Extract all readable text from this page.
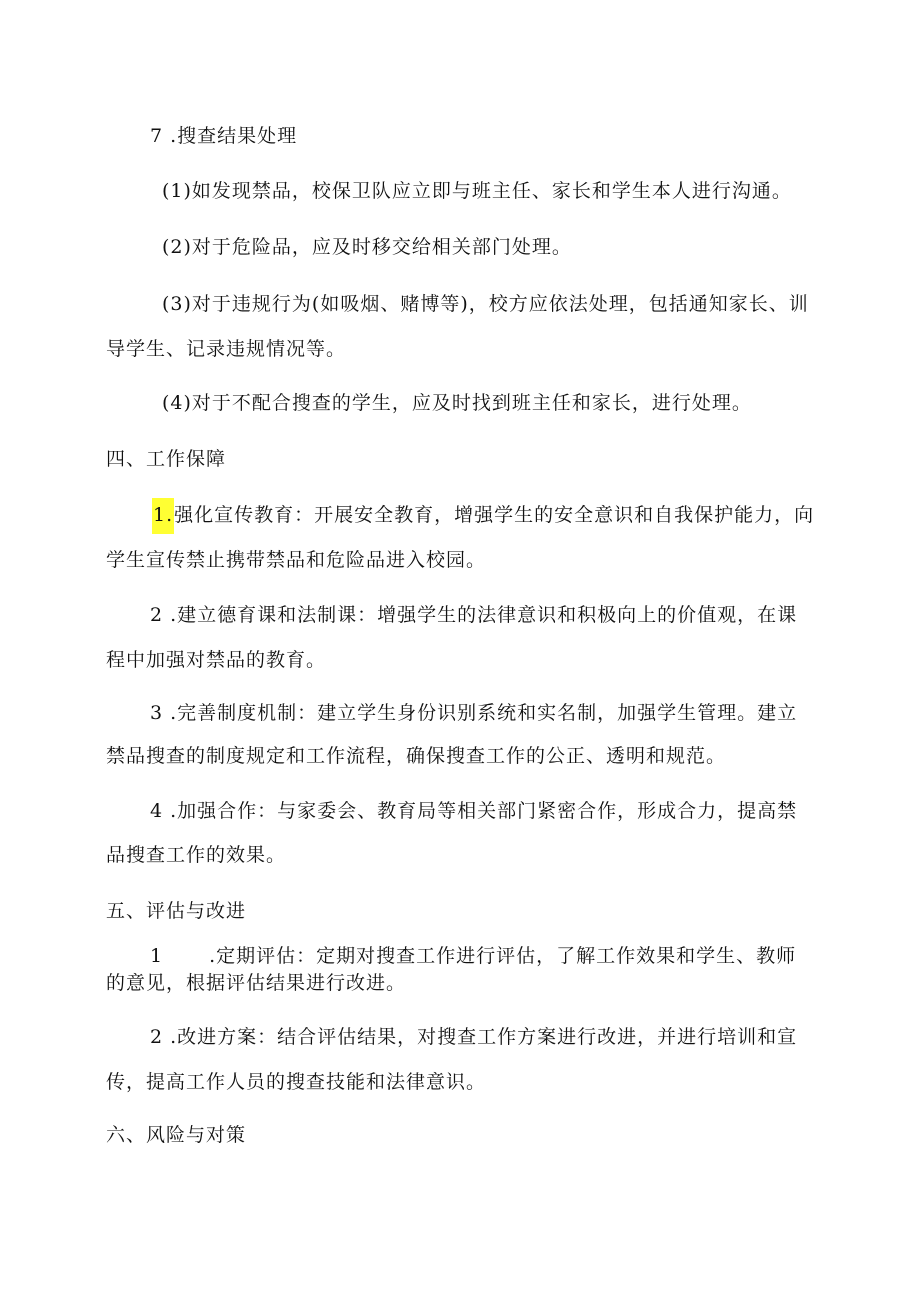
7 .搜查结果处理
(1)如发现禁品，校保卫队应立即与班主任、家长和学生本人进行沟通。
(2)对于危险品，应及时移交给相关部门处理。
(3)对于违规行为(如吸烟、赌博等)，校方应依法处理，包括通知家长、训
导学生、记录违规情况等。
(4)对于不配合搜查的学生，应及时找到班主任和家长，进行处理。
四、工作保障
1.强化宣传教育：开展安全教育，增强学生的安全意识和自我保护能力，向
学生宣传禁止携带禁品和危险品进入校园。
2 .建立德育课和法制课：增强学生的法律意识和积极向上的价值观，在课
程中加强对禁品的教育。
3 .完善制度机制：建立学生身份识别系统和实名制，加强学生管理。建立
禁品搜查的制度规定和工作流程，确保搜查工作的公正、透明和规范。
4 .加强合作：与家委会、教育局等相关部门紧密合作，形成合力，提高禁
品搜查工作的效果。
五、评估与改进
1 .定期评估：定期对搜查工作进行评估，了解工作效果和学生、教师
的意见，根据评估结果进行改进。
2 .改进方案：结合评估结果，对搜查工作方案进行改进，并进行培训和宣
传，提高工作人员的搜查技能和法律意识。
六、风险与对策
